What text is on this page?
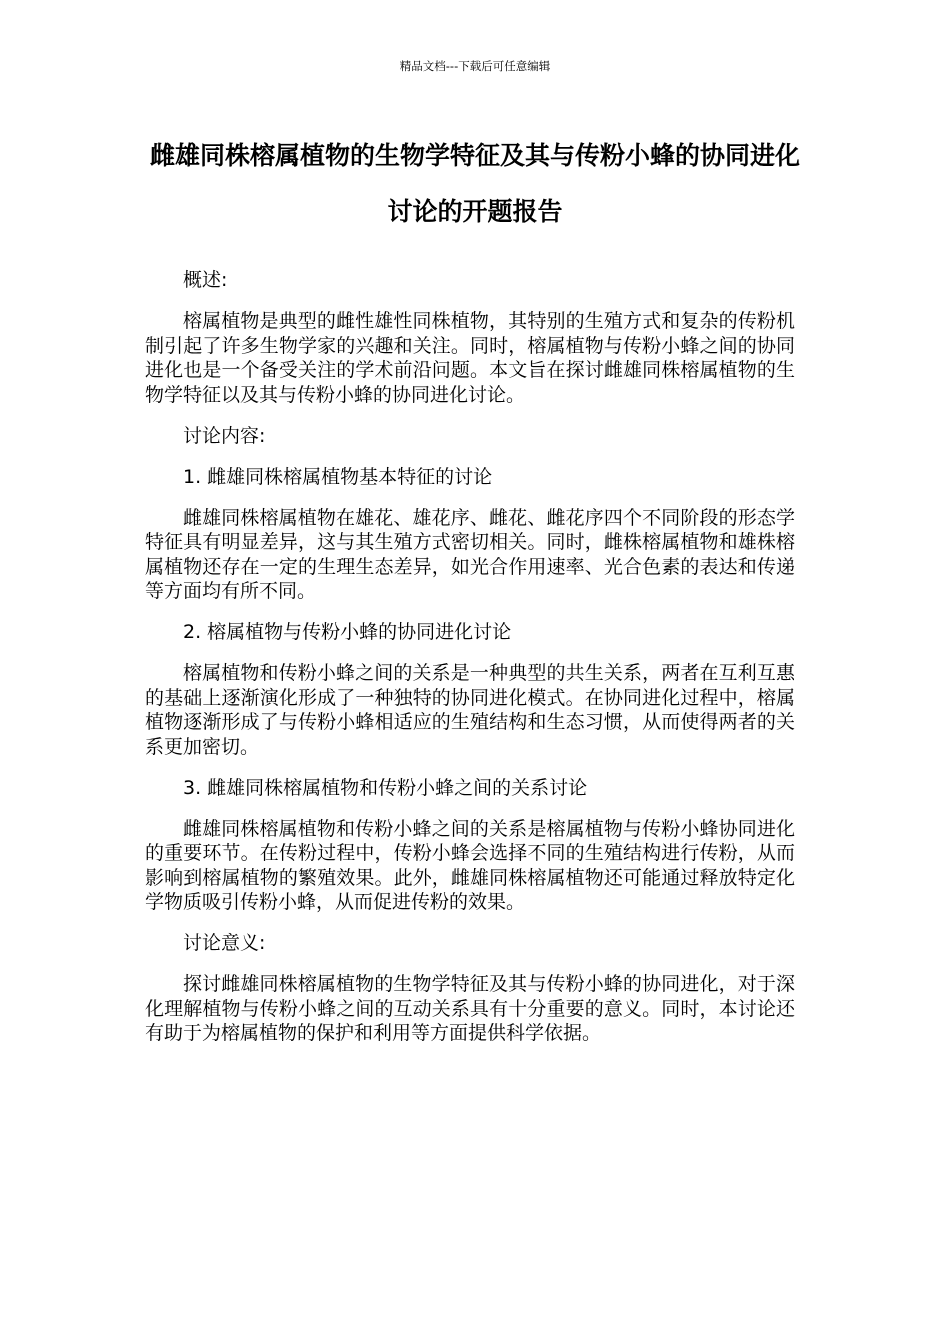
精品文档---下载后可任意编辑
雌雄同株榕属植物的生物学特征及其与传粉小蜂的协同进化讨论的开题报告

概述:

榕属植物是典型的雌性雄性同株植物，其特别的生殖方式和复杂的传粉机制引起了许多生物学家的兴趣和关注。同时，榕属植物与传粉小蜂之间的协同进化也是一个备受关注的学术前沿问题。本文旨在探讨雌雄同株榕属植物的生物学特征以及其与传粉小蜂的协同进化讨论。

讨论内容:

1. 雌雄同株榕属植物基本特征的讨论

雌雄同株榕属植物在雄花、雄花序、雌花、雌花序四个不同阶段的形态学特征具有明显差异，这与其生殖方式密切相关。同时，雌株榕属植物和雄株榕属植物还存在一定的生理生态差异，如光合作用速率、光合色素的表达和传递等方面均有所不同。

2. 榕属植物与传粉小蜂的协同进化讨论

榕属植物和传粉小蜂之间的关系是一种典型的共生关系，两者在互利互惠的基础上逐渐演化形成了一种独特的协同进化模式。在协同进化过程中，榕属植物逐渐形成了与传粉小蜂相适应的生殖结构和生态习惯，从而使得两者的关系更加密切。

3. 雌雄同株榕属植物和传粉小蜂之间的关系讨论

雌雄同株榕属植物和传粉小蜂之间的关系是榕属植物与传粉小蜂协同进化的重要环节。在传粉过程中，传粉小蜂会选择不同的生殖结构进行传粉，从而影响到榕属植物的繁殖效果。此外，雌雄同株榕属植物还可能通过释放特定化学物质吸引传粉小蜂，从而促进传粉的效果。

讨论意义:

探讨雌雄同株榕属植物的生物学特征及其与传粉小蜂的协同进化，对于深化理解植物与传粉小蜂之间的互动关系具有十分重要的意义。同时，本讨论还有助于为榕属植物的保护和利用等方面提供科学依据。
